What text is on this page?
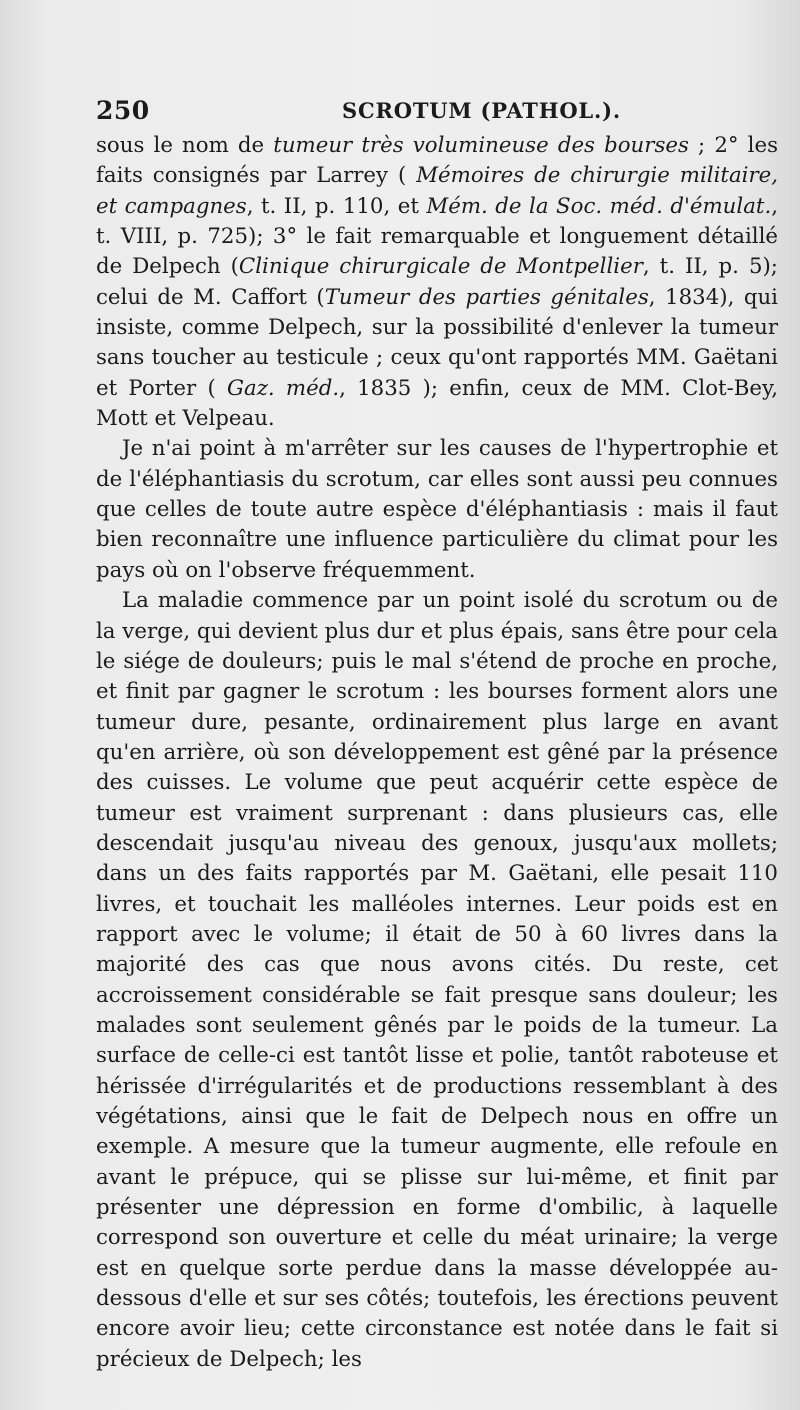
250	SCROTUM (PATHOL.).

sous le nom de tumeur très volumineuse des bourses ; 2° les faits consignés par Larrey ( Mémoires de chirurgie militaire, et campagnes, t. II, p. 110, et Mém. de la Soc. méd. d'émulat., t. VIII, p. 725); 3° le fait remarquable et longuement détaillé de Delpech (Clinique chirurgicale de Montpellier, t. II, p. 5); celui de M. Caffort (Tumeur des parties génitales, 1834), qui insiste, comme Delpech, sur la possibilité d'enlever la tumeur sans toucher au testicule ; ceux qu'ont rapportés MM. Gaëtani et Porter ( Gaz. méd., 1835 ); enfin, ceux de MM. Clot-Bey, Mott et Velpeau.

Je n'ai point à m'arrêter sur les causes de l'hypertrophie et de l'éléphantiasis du scrotum, car elles sont aussi peu connues que celles de toute autre espèce d'éléphantiasis : mais il faut bien reconnaître une influence particulière du climat pour les pays où on l'observe fréquemment.

La maladie commence par un point isolé du scrotum ou de la verge, qui devient plus dur et plus épais, sans être pour cela le siége de douleurs; puis le mal s'étend de proche en proche, et finit par gagner le scrotum : les bourses forment alors une tumeur dure, pesante, ordinairement plus large en avant qu'en arrière, où son développement est gêné par la présence des cuisses. Le volume que peut acquérir cette espèce de tumeur est vraiment surprenant : dans plusieurs cas, elle descendait jusqu'au niveau des genoux, jusqu'aux mollets; dans un des faits rapportés par M. Gaëtani, elle pesait 110 livres, et touchait les malléoles internes. Leur poids est en rapport avec le volume; il était de 50 à 60 livres dans la majorité des cas que nous avons cités. Du reste, cet accroissement considérable se fait presque sans douleur; les malades sont seulement gênés par le poids de la tumeur. La surface de celle-ci est tantôt lisse et polie, tantôt raboteuse et hérissée d'irrégularités et de productions ressemblant à des végétations, ainsi que le fait de Delpech nous en offre un exemple. A mesure que la tumeur augmente, elle refoule en avant le prépuce, qui se plisse sur lui-même, et finit par présenter une dépression en forme d'ombilic, à laquelle correspond son ouverture et celle du méat urinaire; la verge est en quelque sorte perdue dans la masse développée au-dessous d'elle et sur ses côtés; toutefois, les érections peuvent encore avoir lieu; cette circonstance est notée dans le fait si précieux de Delpech; les
